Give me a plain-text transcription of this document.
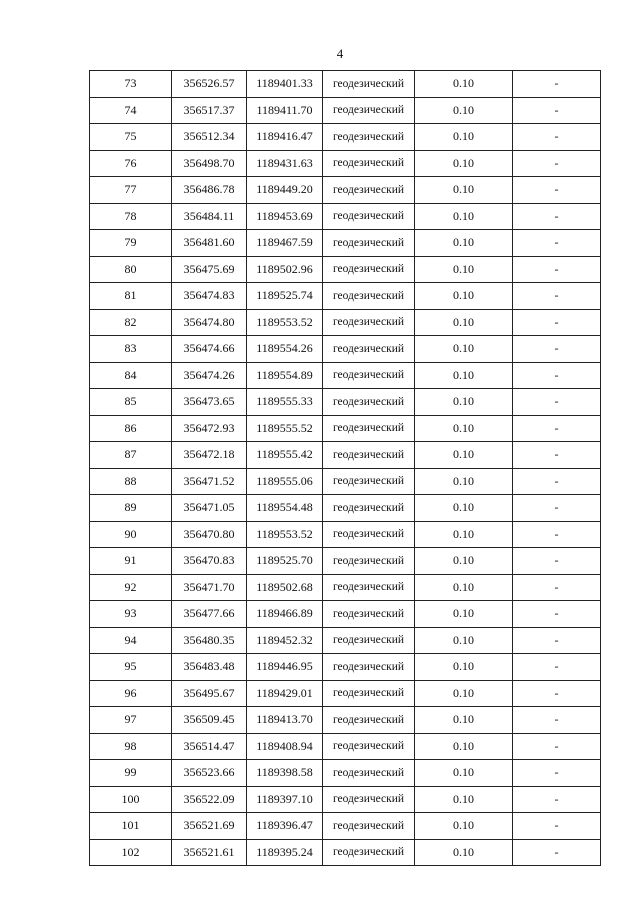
4
73	356526.57	1189401.33	геодезический	0.10	-
74	356517.37	1189411.70	геодезический	0.10	-
75	356512.34	1189416.47	геодезический	0.10	-
76	356498.70	1189431.63	геодезический	0.10	-
77	356486.78	1189449.20	геодезический	0.10	-
78	356484.11	1189453.69	геодезический	0.10	-
79	356481.60	1189467.59	геодезический	0.10	-
80	356475.69	1189502.96	геодезический	0.10	-
81	356474.83	1189525.74	геодезический	0.10	-
82	356474.80	1189553.52	геодезический	0.10	-
83	356474.66	1189554.26	геодезический	0.10	-
84	356474.26	1189554.89	геодезический	0.10	-
85	356473.65	1189555.33	геодезический	0.10	-
86	356472.93	1189555.52	геодезический	0.10	-
87	356472.18	1189555.42	геодезический	0.10	-
88	356471.52	1189555.06	геодезический	0.10	-
89	356471.05	1189554.48	геодезический	0.10	-
90	356470.80	1189553.52	геодезический	0.10	-
91	356470.83	1189525.70	геодезический	0.10	-
92	356471.70	1189502.68	геодезический	0.10	-
93	356477.66	1189466.89	геодезический	0.10	-
94	356480.35	1189452.32	геодезический	0.10	-
95	356483.48	1189446.95	геодезический	0.10	-
96	356495.67	1189429.01	геодезический	0.10	-
97	356509.45	1189413.70	геодезический	0.10	-
98	356514.47	1189408.94	геодезический	0.10	-
99	356523.66	1189398.58	геодезический	0.10	-
100	356522.09	1189397.10	геодезический	0.10	-
101	356521.69	1189396.47	геодезический	0.10	-
102	356521.61	1189395.24	геодезический	0.10	-
